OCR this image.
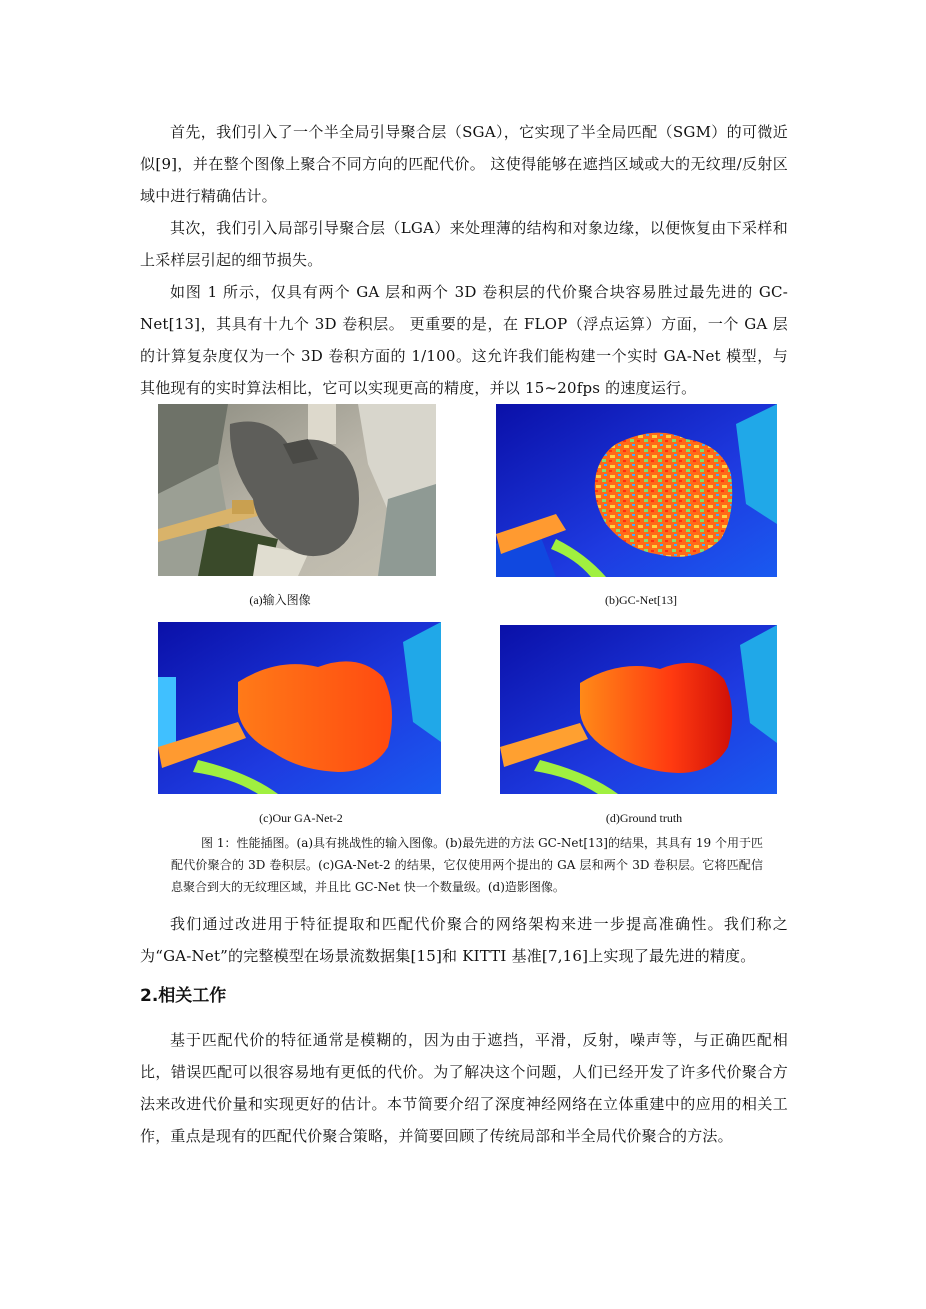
首先，我们引入了一个半全局引导聚合层（SGA），它实现了半全局匹配（SGM）的可微近似[9]，并在整个图像上聚合不同方向的匹配代价。 这使得能够在遮挡区域或大的无纹理/反射区域中进行精确估计。

其次，我们引入局部引导聚合层（LGA）来处理薄的结构和对象边缘，以便恢复由下采样和上采样层引起的细节损失。

如图 1 所示，仅具有两个 GA 层和两个 3D 卷积层的代价聚合块容易胜过最先进的 GC-Net[13]，其具有十九个 3D 卷积层。 更重要的是，在 FLOP（浮点运算）方面，一个 GA 层的计算复杂度仅为一个 3D 卷积方面的 1/100。这允许我们能构建一个实时 GA-Net 模型，与其他现有的实时算法相比，它可以实现更高的精度，并以 15~20fps 的速度运行。

(a)输入图像	(b)GC-Net[13]
(c)Our GA-Net-2	(d)Ground truth

图 1：性能插图。(a)具有挑战性的输入图像。(b)最先进的方法 GC-Net[13]的结果，其具有 19 个用于匹配代价聚合的 3D 卷积层。(c)GA-Net-2 的结果，它仅使用两个提出的 GA 层和两个 3D 卷积层。它将匹配信息聚合到大的无纹理区域，并且比 GC-Net 快一个数量级。(d)造影图像。

我们通过改进用于特征提取和匹配代价聚合的网络架构来进一步提高准确性。我们称之为“GA-Net”的完整模型在场景流数据集[15]和 KITTI 基准[7,16]上实现了最先进的精度。

2.相关工作

基于匹配代价的特征通常是模糊的，因为由于遮挡，平滑，反射，噪声等，与正确匹配相比，错误匹配可以很容易地有更低的代价。为了解决这个问题，人们已经开发了许多代价聚合方法来改进代价量和实现更好的估计。本节简要介绍了深度神经网络在立体重建中的应用的相关工作，重点是现有的匹配代价聚合策略，并简要回顾了传统局部和半全局代价聚合的方法。
